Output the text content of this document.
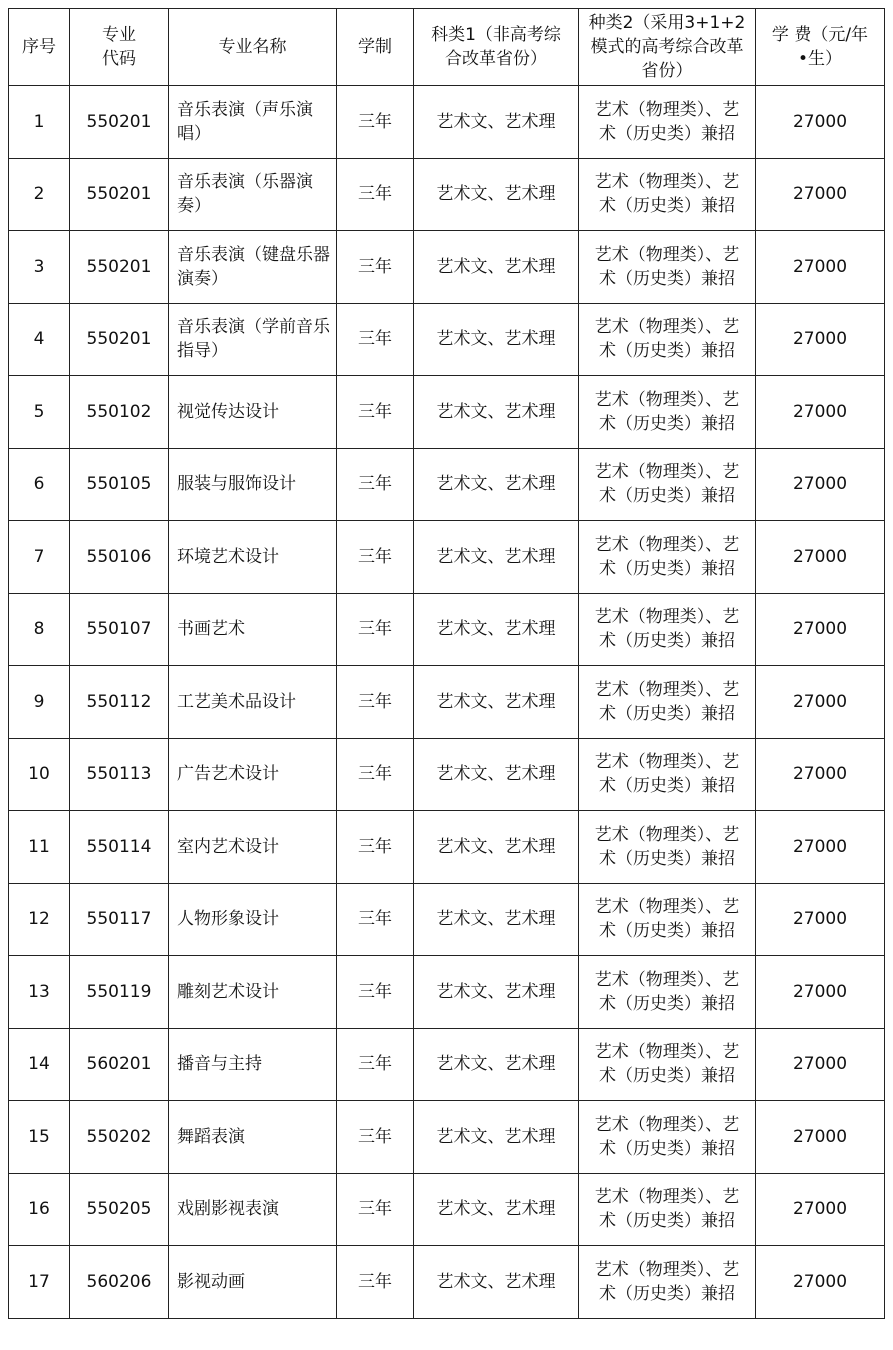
序号	专业代码	专业名称	学制	科类1（非高考综合改革省份）	种类2（采用3+1+2模式的高考综合改革省份）	学 费（元/年•生）
1	550201	音乐表演（声乐演唱）	三年	艺术文、艺术理	艺术（物理类）、艺术（历史类）兼招	27000
2	550201	音乐表演（乐器演奏）	三年	艺术文、艺术理	艺术（物理类）、艺术（历史类）兼招	27000
3	550201	音乐表演（键盘乐器演奏）	三年	艺术文、艺术理	艺术（物理类）、艺术（历史类）兼招	27000
4	550201	音乐表演（学前音乐指导）	三年	艺术文、艺术理	艺术（物理类）、艺术（历史类）兼招	27000
5	550102	视觉传达设计	三年	艺术文、艺术理	艺术（物理类）、艺术（历史类）兼招	27000
6	550105	服装与服饰设计	三年	艺术文、艺术理	艺术（物理类）、艺术（历史类）兼招	27000
7	550106	环境艺术设计	三年	艺术文、艺术理	艺术（物理类）、艺术（历史类）兼招	27000
8	550107	书画艺术	三年	艺术文、艺术理	艺术（物理类）、艺术（历史类）兼招	27000
9	550112	工艺美术品设计	三年	艺术文、艺术理	艺术（物理类）、艺术（历史类）兼招	27000
10	550113	广告艺术设计	三年	艺术文、艺术理	艺术（物理类）、艺术（历史类）兼招	27000
11	550114	室内艺术设计	三年	艺术文、艺术理	艺术（物理类）、艺术（历史类）兼招	27000
12	550117	人物形象设计	三年	艺术文、艺术理	艺术（物理类）、艺术（历史类）兼招	27000
13	550119	雕刻艺术设计	三年	艺术文、艺术理	艺术（物理类）、艺术（历史类）兼招	27000
14	560201	播音与主持	三年	艺术文、艺术理	艺术（物理类）、艺术（历史类）兼招	27000
15	550202	舞蹈表演	三年	艺术文、艺术理	艺术（物理类）、艺术（历史类）兼招	27000
16	550205	戏剧影视表演	三年	艺术文、艺术理	艺术（物理类）、艺术（历史类）兼招	27000
17	560206	影视动画	三年	艺术文、艺术理	艺术（物理类）、艺术（历史类）兼招	27000
